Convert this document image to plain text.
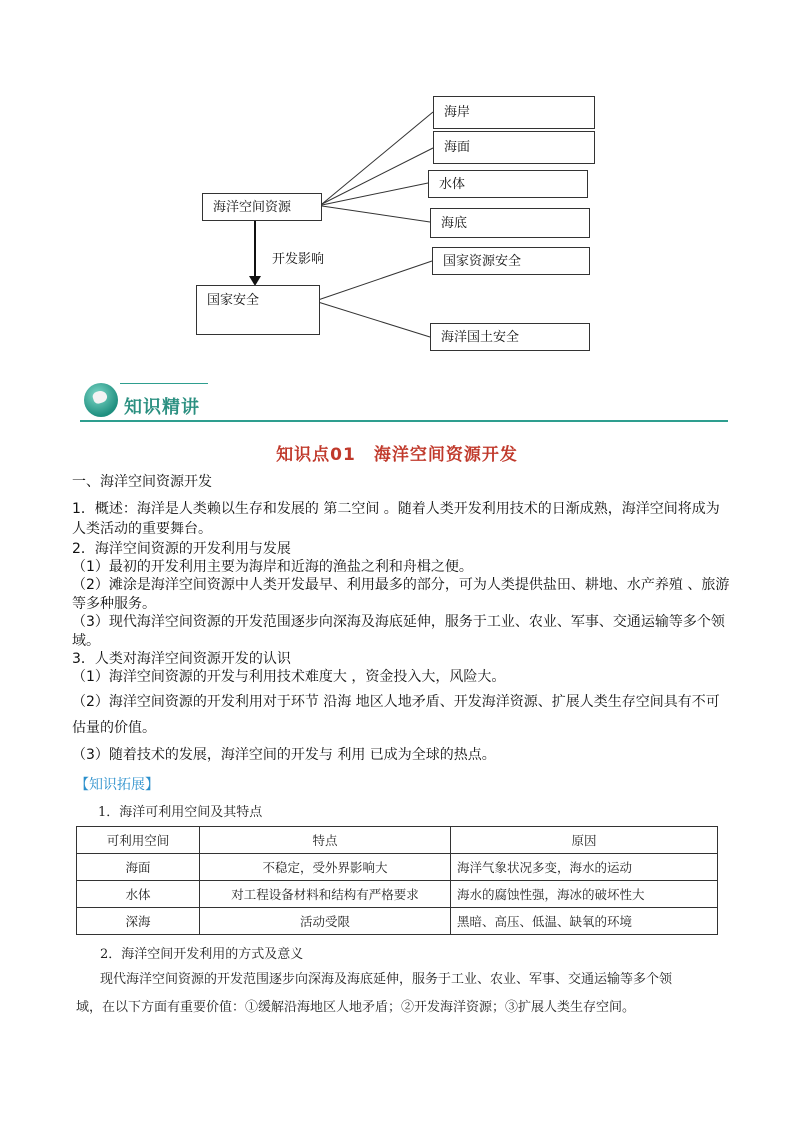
海洋空间资源
海岸
海面
水体
海底
开发影响
国家安全
国家资源安全
海洋国土安全
知识精讲
知识点01　海洋空间资源开发
一、海洋空间资源开发
1．概述：海洋是人类赖以生存和发展的 第二空间 。随着人类开发利用技术的日渐成熟，海洋空间将成为
人类活动的重要舞台。
2．海洋空间资源的开发利用与发展
（1）最初的开发利用主要为海岸和近海的渔盐之利和舟楫之便。
（2）滩涂是海洋空间资源中人类开发最早、利用最多的部分，可为人类提供盐田、耕地、水产养殖 、旅游
等多种服务。
（3）现代海洋空间资源的开发范围逐步向深海及海底延伸，服务于工业、农业、军事、交通运输等多个领
域。
3．人类对海洋空间资源开发的认识
（1）海洋空间资源的开发与利用技术难度大 ，资金投入大，风险大。
（2）海洋空间资源的开发利用对于环节 沿海 地区人地矛盾、开发海洋资源、扩展人类生存空间具有不可
估量的价值。
（3）随着技术的发展，海洋空间的开发与 利用 已成为全球的热点。
【知识拓展】
1．海洋可利用空间及其特点
可利用空间	特点	原因
海面	不稳定，受外界影响大	海洋气象状况多变，海水的运动
水体	对工程设备材料和结构有严格要求	海水的腐蚀性强，海冰的破坏性大
深海	活动受限	黑暗、高压、低温、缺氧的环境
2．海洋空间开发利用的方式及意义
现代海洋空间资源的开发范围逐步向深海及海底延伸，服务于工业、农业、军事、交通运输等多个领
域，在以下方面有重要价值：①缓解沿海地区人地矛盾；②开发海洋资源；③扩展人类生存空间。
